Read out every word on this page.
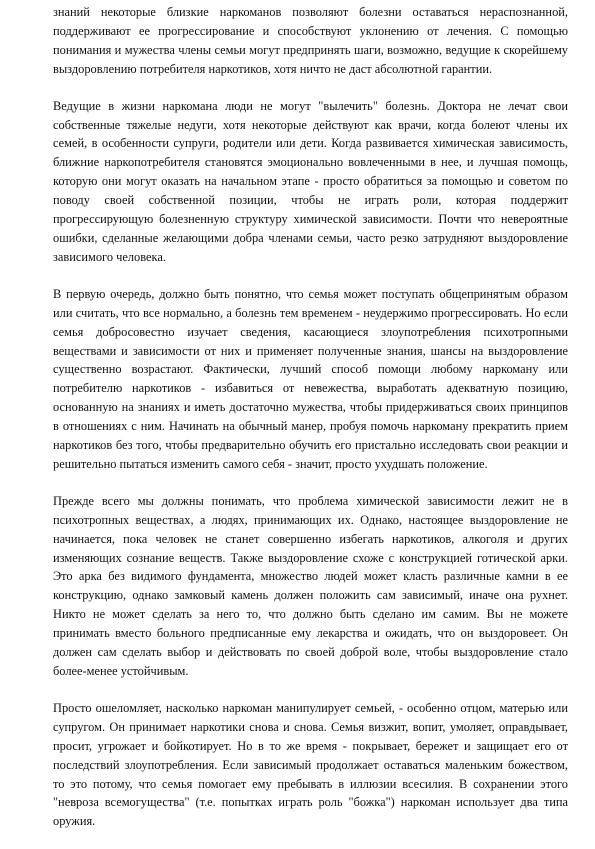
знаний некоторые близкие наркоманов позволяют болезни оставаться нераспознанной, поддерживают ее прогрессирование и способствуют уклонению от лечения. С помощью понимания и мужества члены семьи могут предпринять шаги, возможно, ведущие к скорейшему выздоровлению потребителя наркотиков, хотя ничто не даст абсолютной гарантии.

Ведущие в жизни наркомана люди не могут "вылечить" болезнь. Доктора не лечат свои собственные тяжелые недуги, хотя некоторые действуют как врачи, когда болеют члены их семей, в особенности супруги, родители или дети. Когда развивается химическая зависимость, ближние наркопотребителя становятся эмоционально вовлеченными в нее, и лучшая помощь, которую они могут оказать на начальном этапе - просто обратиться за помощью и советом по поводу своей собственной позиции, чтобы не играть роли, которая поддержит прогрессирующую болезненную структуру химической зависимости. Почти что невероятные ошибки, сделанные желающими добра членами семьи, часто резко затрудняют выздоровление зависимого человека.

В первую очередь, должно быть понятно, что семья может поступать общепринятым образом или считать, что все нормально, а болезнь тем временем - неудержимо прогрессировать. Но если семья добросовестно изучает сведения, касающиеся злоупотребления психотропными веществами и зависимости от них и применяет полученные знания, шансы на выздоровление существенно возрастают. Фактически, лучший способ помощи любому наркоману или потребителю наркотиков - избавиться от невежества, выработать адекватную позицию, основанную на знаниях и иметь достаточно мужества, чтобы придерживаться своих принципов в отношениях с ним. Начинать на обычный манер, пробуя помочь наркоману прекратить прием наркотиков без того, чтобы предварительно обучить его пристально исследовать свои реакции и решительно пытаться изменить самого себя - значит, просто ухудшать положение.

Прежде всего мы должны понимать, что проблема химической зависимости лежит не в психотропных веществах, а людях, принимающих их. Однако, настоящее выздоровление не начинается, пока человек не станет совершенно избегать наркотиков, алкоголя и других изменяющих сознание веществ. Также выздоровление схоже с конструкцией готической арки. Это арка без видимого фундамента, множество людей может класть различные камни в ее конструкцию, однако замковый камень должен положить сам зависимый, иначе она рухнет. Никто не может сделать за него то, что должно быть сделано им самим. Вы не можете принимать вместо больного предписанные ему лекарства и ожидать, что он выздоровеет. Он должен сам сделать выбор и действовать по своей доброй воле, чтобы выздоровление стало более-менее устойчивым.

Просто ошеломляет, насколько наркоман манипулирует семьей, - особенно отцом, матерью или супругом. Он принимает наркотики снова и снова. Семья визжит, вопит, умоляет, оправдывает, просит, угрожает и бойкотирует. Но в то же время - покрывает, бережет и защищает его от последствий злоупотребления. Если зависимый продолжает оставаться маленьким божеством, то это потому, что семья помогает ему пребывать в иллюзии всесилия. В сохранении этого "невроза всемогущества" (т.е. попытках играть роль "божка") наркоман использует два типа оружия.
